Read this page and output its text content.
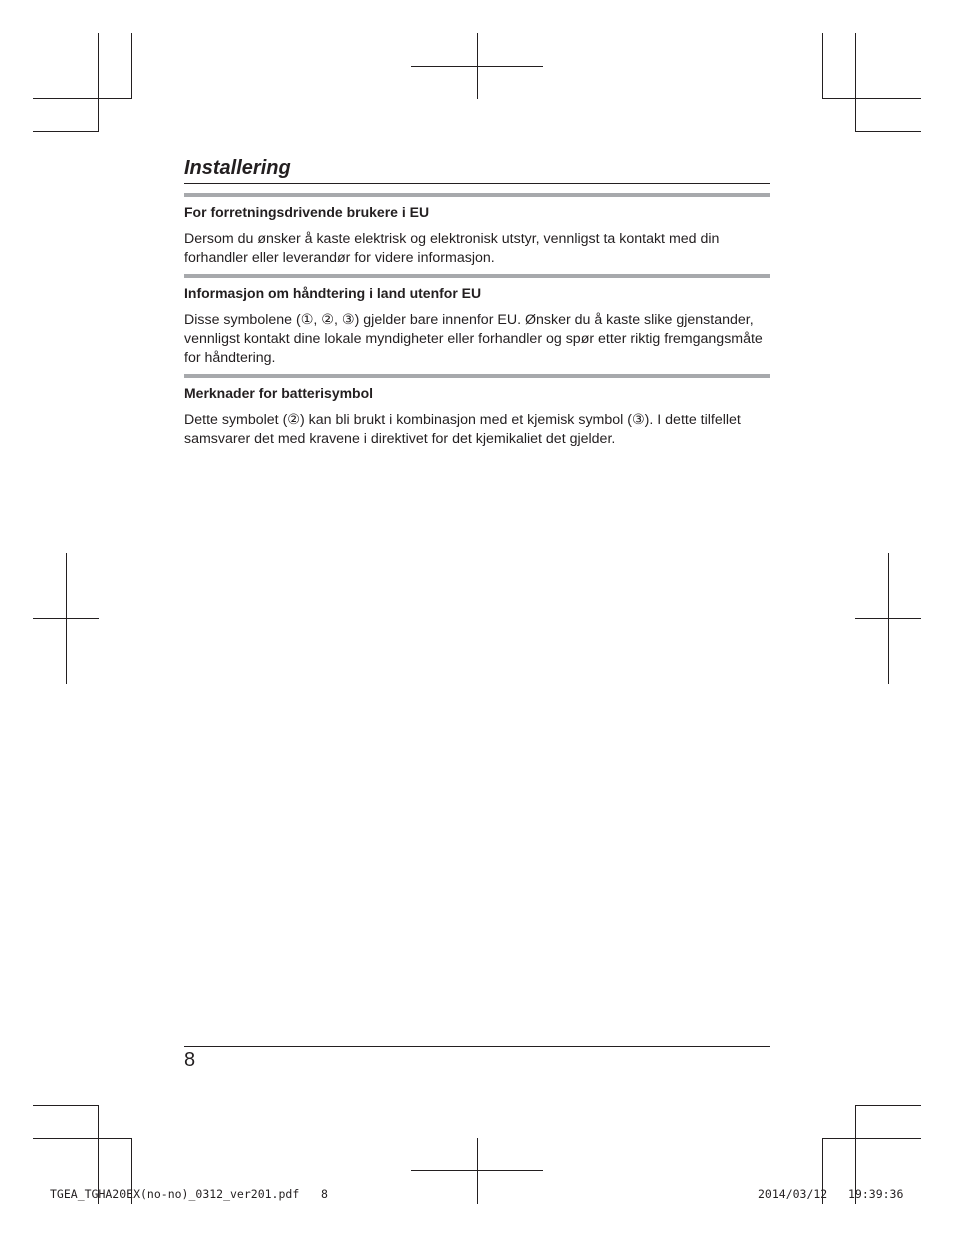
Installering
For forretningsdrivende brukere i EU

Dersom du ønsker å kaste elektrisk og elektronisk utstyr, vennligst ta kontakt med din forhandler eller leverandør for videre informasjon.

Informasjon om håndtering i land utenfor EU

Disse symbolene (①, ②, ③) gjelder bare innenfor EU. Ønsker du å kaste slike gjenstander, vennligst kontakt dine lokale myndigheter eller forhandler og spør etter riktig fremgangsmåte for håndtering.

Merknader for batterisymbol

Dette symbolet (②) kan bli brukt i kombinasjon med et kjemisk symbol (③). I dette tilfellet samsvarer det med kravene i direktivet for det kjemikaliet det gjelder.

8
TGEA_TGHA20EX(no-no)_0312_ver201.pdf 8	2014/03/12 19:39:36
